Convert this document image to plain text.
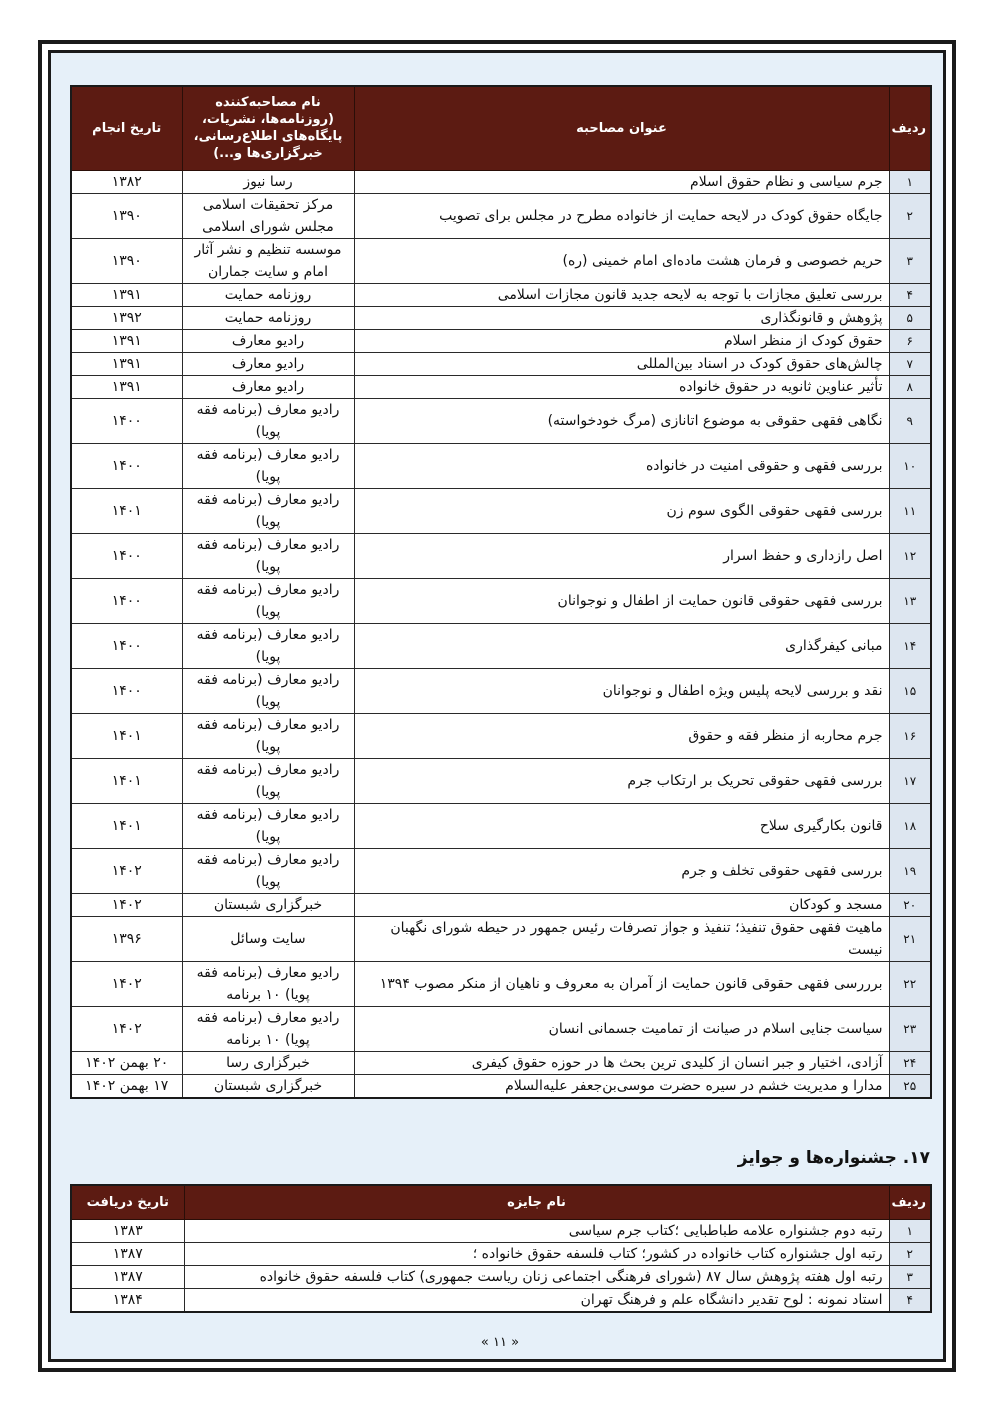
ردیف	عنوان مصاحبه	نام مصاحبه‌کننده (روزنامه‌ها، نشریات، پایگاه‌های اطلاع‌رسانی، خبرگزاری‌ها و...)	تاریخ انجام
۱	جرم سیاسی و نظام حقوق اسلام	رسا نیوز	۱۳۸۲
۲	جایگاه حقوق کودک در لایحه حمایت از خانواده مطرح در مجلس برای تصویب	مرکز تحقیقات اسلامی مجلس شورای اسلامی	۱۳۹۰
۳	حریم خصوصی و فرمان هشت ماده‌ای امام خمینی (ره)	موسسه تنظیم و نشر آثار امام و سایت جماران	۱۳۹۰
۴	بررسی تعلیق مجازات با توجه به لایحه جدید قانون مجازات اسلامی	روزنامه حمایت	۱۳۹۱
۵	پژوهش و قانونگذاری	روزنامه حمایت	۱۳۹۲
۶	حقوق کودک از منظر اسلام	رادیو معارف	۱۳۹۱
۷	چالش‌های حقوق کودک در اسناد بین‌المللی	رادیو معارف	۱۳۹۱
۸	تأثیر عناوین ثانویه در حقوق خانواده	رادیو معارف	۱۳۹۱
۹	نگاهی فقهی حقوقی به موضوع اتانازی (مرگ خودخواسته)	رادیو معارف (برنامه فقه پویا)	۱۴۰۰
۱۰	بررسی فقهی و حقوقی امنیت در خانواده	رادیو معارف (برنامه فقه پویا)	۱۴۰۰
۱۱	بررسی فقهی حقوقی الگوی سوم زن	رادیو معارف (برنامه فقه پویا)	۱۴۰۱
۱۲	اصل رازداری و حفظ اسرار	رادیو معارف (برنامه فقه پویا)	۱۴۰۰
۱۳	بررسی فقهی حقوقی قانون حمایت از اطفال و نوجوانان	رادیو معارف (برنامه فقه پویا)	۱۴۰۰
۱۴	مبانی کیفرگذاری	رادیو معارف (برنامه فقه پویا)	۱۴۰۰
۱۵	نقد و بررسی لایحه پلیس ویژه اطفال و نوجوانان	رادیو معارف (برنامه فقه پویا)	۱۴۰۰
۱۶	جرم محاربه از منظر فقه و حقوق	رادیو معارف (برنامه فقه پویا)	۱۴۰۱
۱۷	بررسی فقهی حقوقی تحریک بر ارتکاب جرم	رادیو معارف (برنامه فقه پویا)	۱۴۰۱
۱۸	قانون بکارگیری سلاح	رادیو معارف (برنامه فقه پویا)	۱۴۰۱
۱۹	بررسی فقهی حقوقی تخلف و جرم	رادیو معارف (برنامه فقه پویا)	۱۴۰۲
۲۰	مسجد و کودکان	خبرگزاری شبستان	۱۴۰۲
۲۱	ماهیت فقهی حقوق تنفیذ؛ تنفیذ و جواز تصرفات رئیس جمهور در حیطه شورای نگهبان نیست	سایت وسائل	۱۳۹۶
۲۲	برررسی فقهی حقوقی قانون حمایت از آمران به معروف و ناهیان از منکر مصوب ۱۳۹۴	رادیو معارف (برنامه فقه پویا) ۱۰ برنامه	۱۴۰۲
۲۳	سیاست جنایی اسلام در صیانت از تمامیت جسمانی انسان	رادیو معارف (برنامه فقه پویا) ۱۰ برنامه	۱۴۰۲
۲۴	آزادی، اختیار و جبر انسان از کلیدی ترین بحث ها در حوزه حقوق کیفری	خبرگزاری رسا	۲۰ بهمن ۱۴۰۲
۲۵	مدارا و مدیریت خشم در سیره حضرت موسی‌بن‌جعفر علیه‌السلام	خبرگزاری شبستان	۱۷ بهمن ۱۴۰۲
۱۷. جشنواره‌ها و جوایز
ردیف	نام جایزه	تاریخ دریافت
۱	رتبه دوم جشنواره علامه طباطبایی ؛کتاب جرم سیاسی	۱۳۸۳
۲	رتبه اول جشنواره کتاب خانواده در کشور؛ کتاب فلسفه حقوق خانواده ؛	۱۳۸۷
۳	رتبه اول هفته پژوهش سال ۸۷ (شورای فرهنگی اجتماعی زنان ریاست جمهوری) کتاب فلسفه حقوق خانواده	۱۳۸۷
۴	استاد نمونه : لوح تقدیر دانشگاه علم و فرهنگ تهران	۱۳۸۴
« ۱۱ »
